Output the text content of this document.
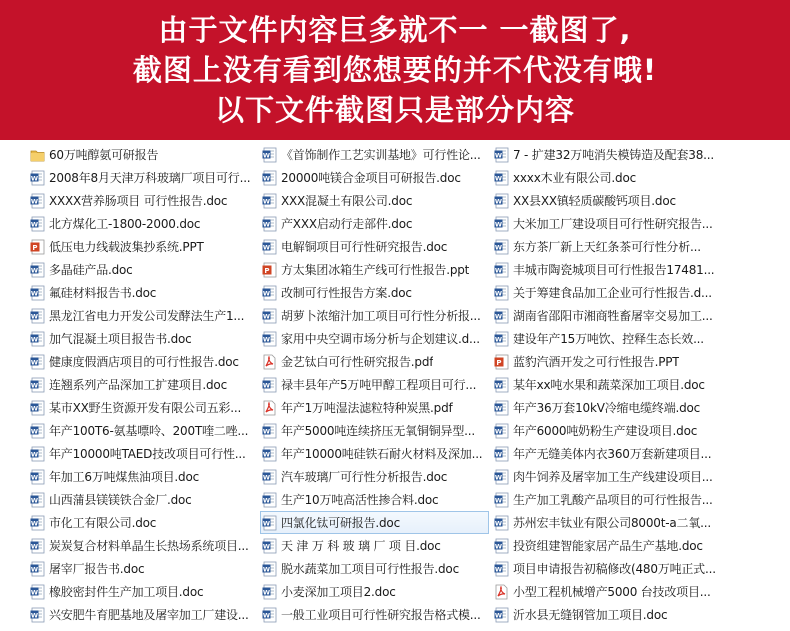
由于文件内容巨多就不一 一截图了,
截图上没有看到您想要的并不代没有哦!
以下文件截图只是部分内容
60万吨醇氨可研报告
W 2008年8月天津万科玻璃厂项目可行...
W XXXX营养肠项目 可行性报告.doc
W 北方煤化工-1800-2000.doc
P 低压电力线载波集抄系统.PPT
W 多晶硅产品.doc
W 氟硅材料报告书.doc
W 黑龙江省电力开发公司发酵法生产1...
W 加气混凝土项目报告书.doc
W 健康度假酒店项目的可行性报告.doc
W 连翘系列产品深加工扩建项目.doc
W 某市XX野生资源开发有限公司五彩...
W 年产100T6-氨基嘌呤、200T喹二唑...
W 年产10000吨TAED技改项目可行性...
W 年加工6万吨煤焦油项目.doc
W 山西蒲县镁镁铁合金厂.doc
W 市化工有限公司.doc
W 炭炭复合材料单晶生长热场系统项目...
W 屠宰厂报告书.doc
W 橡胶密封件生产加工项目.doc
W 兴安肥牛育肥基地及屠宰加工厂建设...
W 《首饰制作工艺实训基地》可行性论...
W 20000吨镁合金项目可研报告.doc
W XXX混凝土有限公司.doc
W 产XXX启动行走部件.doc
W 电解铜项目可行性研究报告.doc
P 方太集团冰箱生产线可行性报告.ppt
W 改制可行性报告方案.doc
W 胡萝卜浓缩汁加工项目可行性分析报...
W 家用中央空调市场分析与企划建议.d...
金艺钛白可行性研究报告.pdf
W 禄丰县年产5万吨甲醇工程项目可行...
年产1万吨湿法滤粒特种炭黑.pdf
W 年产5000吨连续挤压无氧铜铜异型...
W 年产10000吨硅铁石耐火材料及深加...
W 汽车玻璃厂可行性分析报告.doc
W 生产10万吨高活性掺合料.doc
W 四氯化钛可研报告.doc
W 天 津 万 科 玻 璃 厂 项 目.doc
W 脱水蔬菜加工项目可行性报告.doc
W 小麦深加工项目2.doc
W 一般工业项目可行性研究报告格式模...
W 7 - 扩建32万吨消失模铸造及配套38...
W xxxx木业有限公司.doc
W XX县XX镇轻质碳酸钙项目.doc
W 大米加工厂建设项目可行性研究报告...
W 东方茶厂新上天红条茶可行性分析...
W 丰城市陶瓷城项目可行性报告17481...
W 关于筹建食品加工企业可行性报告.d...
W 湖南省邵阳市湘商牲畜屠宰交易加工...
W 建设年产15万吨饮、控释生态长效...
P 蓝豹汽酒开发之可行性报告.PPT
W 某年xx吨水果和蔬菜深加工项目.doc
W 年产36万套10kV冷缩电缆终端.doc
W 年产6000吨奶粉生产建设项目.doc
W 年产无缝美体内衣360万套新建项目...
W 肉牛饲养及屠宰加工生产线建设项目...
W 生产加工乳酸产品项目的可行性报告...
W 苏州宏丰钛业有限公司8000t-a二氧...
W 投资组建智能家居产品生产基地.doc
W 项目申请报告初稿修改(480万吨正式...
小型工程机械增产5000 台技改项目...
W 沂水县无缝钢管加工项目.doc
